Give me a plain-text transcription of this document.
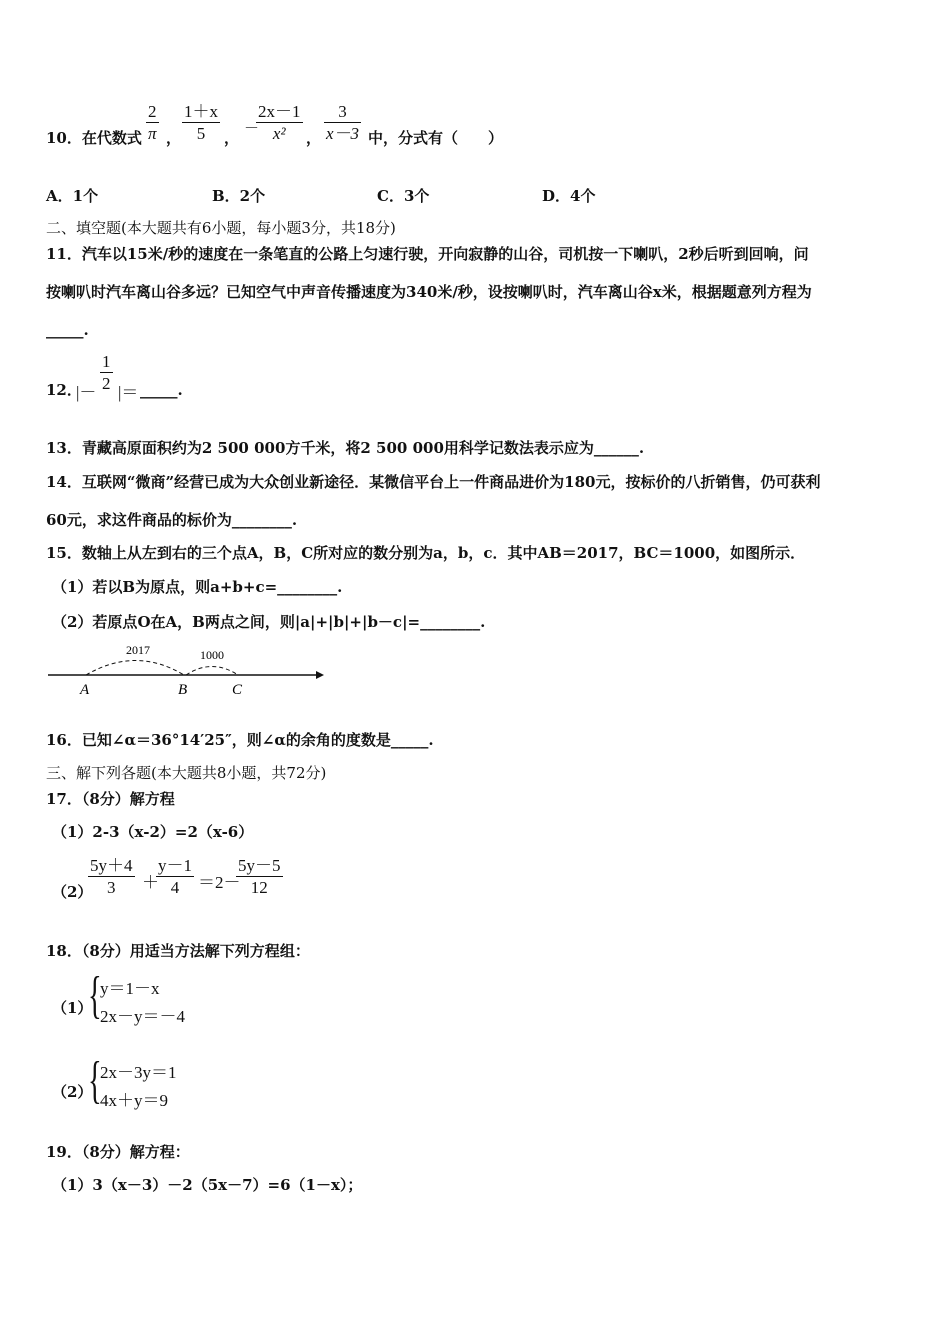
10．在代数式
2
π ，
1＋x
5	，
－
2x－1
x²	，
3
x－3 中，分式有（　　）
A．1个	B．2个	C．3个	D．4个
二、填空题(本大题共有6小题，每小题3分，共18分)
11．汽车以15米/秒的速度在一条笔直的公路上匀速行驶，开向寂静的山谷，司机按一下喇叭，2秒后听到回响，问
按喇叭时汽车离山谷多远？已知空气中声音传播速度为340米/秒，设按喇叭时，汽车离山谷x米，根据题意列方程为
_____.
12．
|－
1
2 |＝ _____.
13．青藏高原面积约为2 500 000方千米，将2 500 000用科学记数法表示应为______.
14．互联网“微商”经营已成为大众创业新途径．某微信平台上一件商品进价为180元，按标价的八折销售，仍可获利
60元，求这件商品的标价为________.
15．数轴上从左到右的三个点A，B，C所对应的数分别为a，b，c．其中AB＝2017，BC＝1000，如图所示．
（1）若以B为原点，则a+b+c=________.
（2）若原点O在A，B两点之间，则|a|+|b|+|b－c|=________.
2017	1000
A	B	C
16．已知∠α＝36°14′25″，则∠α的余角的度数是_____.
三、解下列各题(本大题共8小题，共72分)
17．（8分）解方程
（1）2-3（x-2）=2（x-6）
（2）
5y＋4
3	＋
y－1
4	＝2－
5y－5
12
18．（8分）用适当方法解下列方程组：
（1）
{
y＝1－x
2x－y＝－4
（2）
{
2x－3y＝1
4x＋y＝9
19．（8分）解方程：
（1）3（x－3）－2（5x－7）=6（1－x）；
